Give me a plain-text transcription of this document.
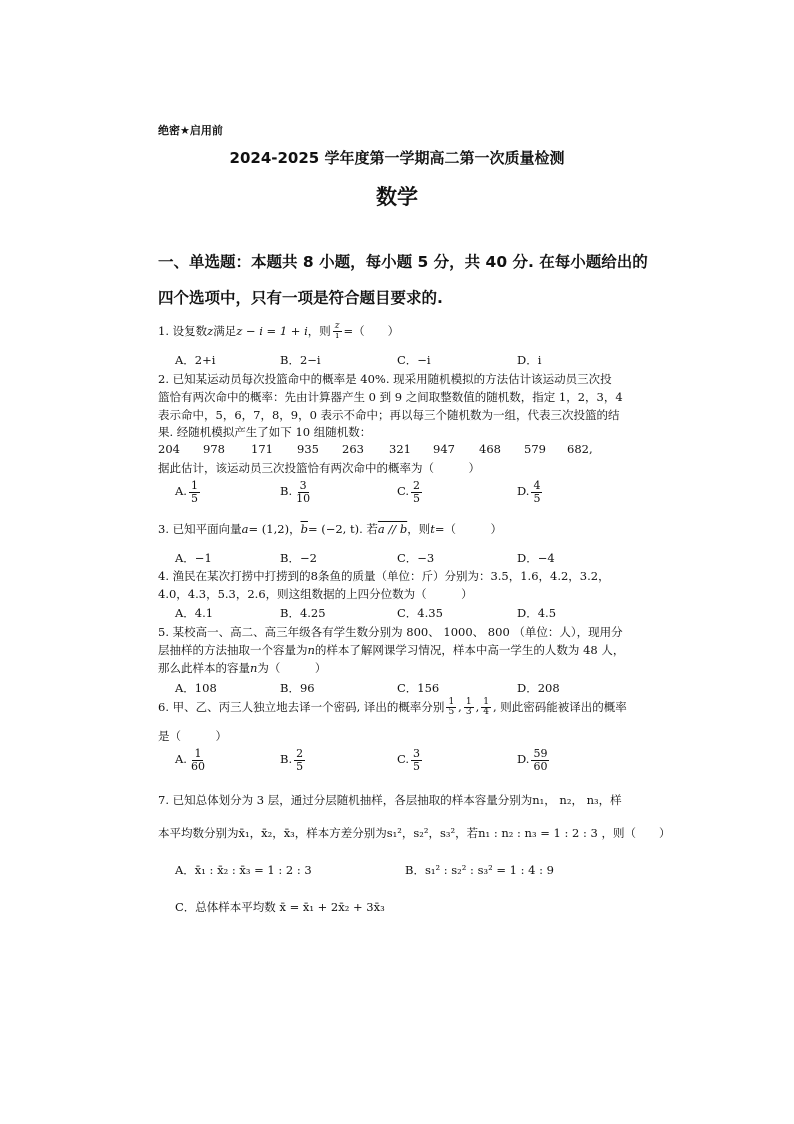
绝密★启用前
2024-2025 学年度第一学期高二第一次质量检测
数学
一、单选题：本题共 8 小题，每小题 5 分，共 40 分. 在每小题给出的
四个选项中，只有一项是符合题目要求的.
1. 设复数z满足z − i = 1 + i，则 $\frac{z}{i}$ =（　　）
A．2+i	B．2−i	C．−i	D．i
2. 已知某运动员每次投篮命中的概率是 40%. 现采用随机模拟的方法估计该运动员三次投
篮恰有两次命中的概率：先由计算器产生 0 到 9 之间取整数值的随机数，指定 1，2，3，4
表示命中，5，6，7，8，9，0 表示不命中；再以每三个随机数为一组，代表三次投篮的结
果. 经随机模拟产生了如下 10 组随机数：
204 978 171 935 263 321 947 468 579 682,
据此估计，该运动员三次投篮恰有两次命中的概率为（　　　）
A. $\frac{1}{5}$	B. $\frac{3}{10}$	C. $\frac{2}{5}$	D. $\frac{4}{5}$
3. 已知平面向量a= (1,2)，$\overline{b}= (-2$, t). 若a // b，则t=（　　　）
A．−1	B．−2	C．−3	D．−4
4. 渔民在某次打捞中打捞到的8条鱼的质量（单位：斤）分别为：3.5，1.6，4.2，3.2，
4.0，4.3，5.3，2.6，则这组数据的上四分位数为（　　　）
A．4.1	B．4.25	C．4.35	D．4.5
5. 某校高一、高二、高三年级各有学生数分别为 800、 1000、 800 （单位：人），现用分
层抽样的方法抽取一个容量为n的样本了解网课学习情况，样本中高一学生的人数为 48 人，
那么此样本的容量n为（　　　）
A．108	B．96	C．156	D．208
6. 甲、乙、丙三人独立地去译一个密码, 译出的概率分别 $\frac{1}{5}$ , $\frac{1}{3}$ , $\frac{1}{4}$ , 则此密码能被译出的概率
是（　　　）
A. $\frac{1}{60}$	B. $\frac{2}{5}$	C. $\frac{3}{5}$	D. $\frac{59}{60}$
7. 已知总体划分为 3 层，通过分层随机抽样，各层抽取的样本容量分别为n₁， n₂， n₃，样
本平均数分别为x̄₁，x̄₂，x̄₃，样本方差分别为s₁²，s₂²，s₃²，若n₁ : n₂ : n₃ = 1 : 2 : 3 ，则（　　）
A．x̄₁ : x̄₂ : x̄₃ = 1 : 2 : 3	B．s₁² : s₂² : s₃² = 1 : 4 : 9
C．总体样本平均数 x̄ = x̄₁ + 2x̄₂ + 3x̄₃
